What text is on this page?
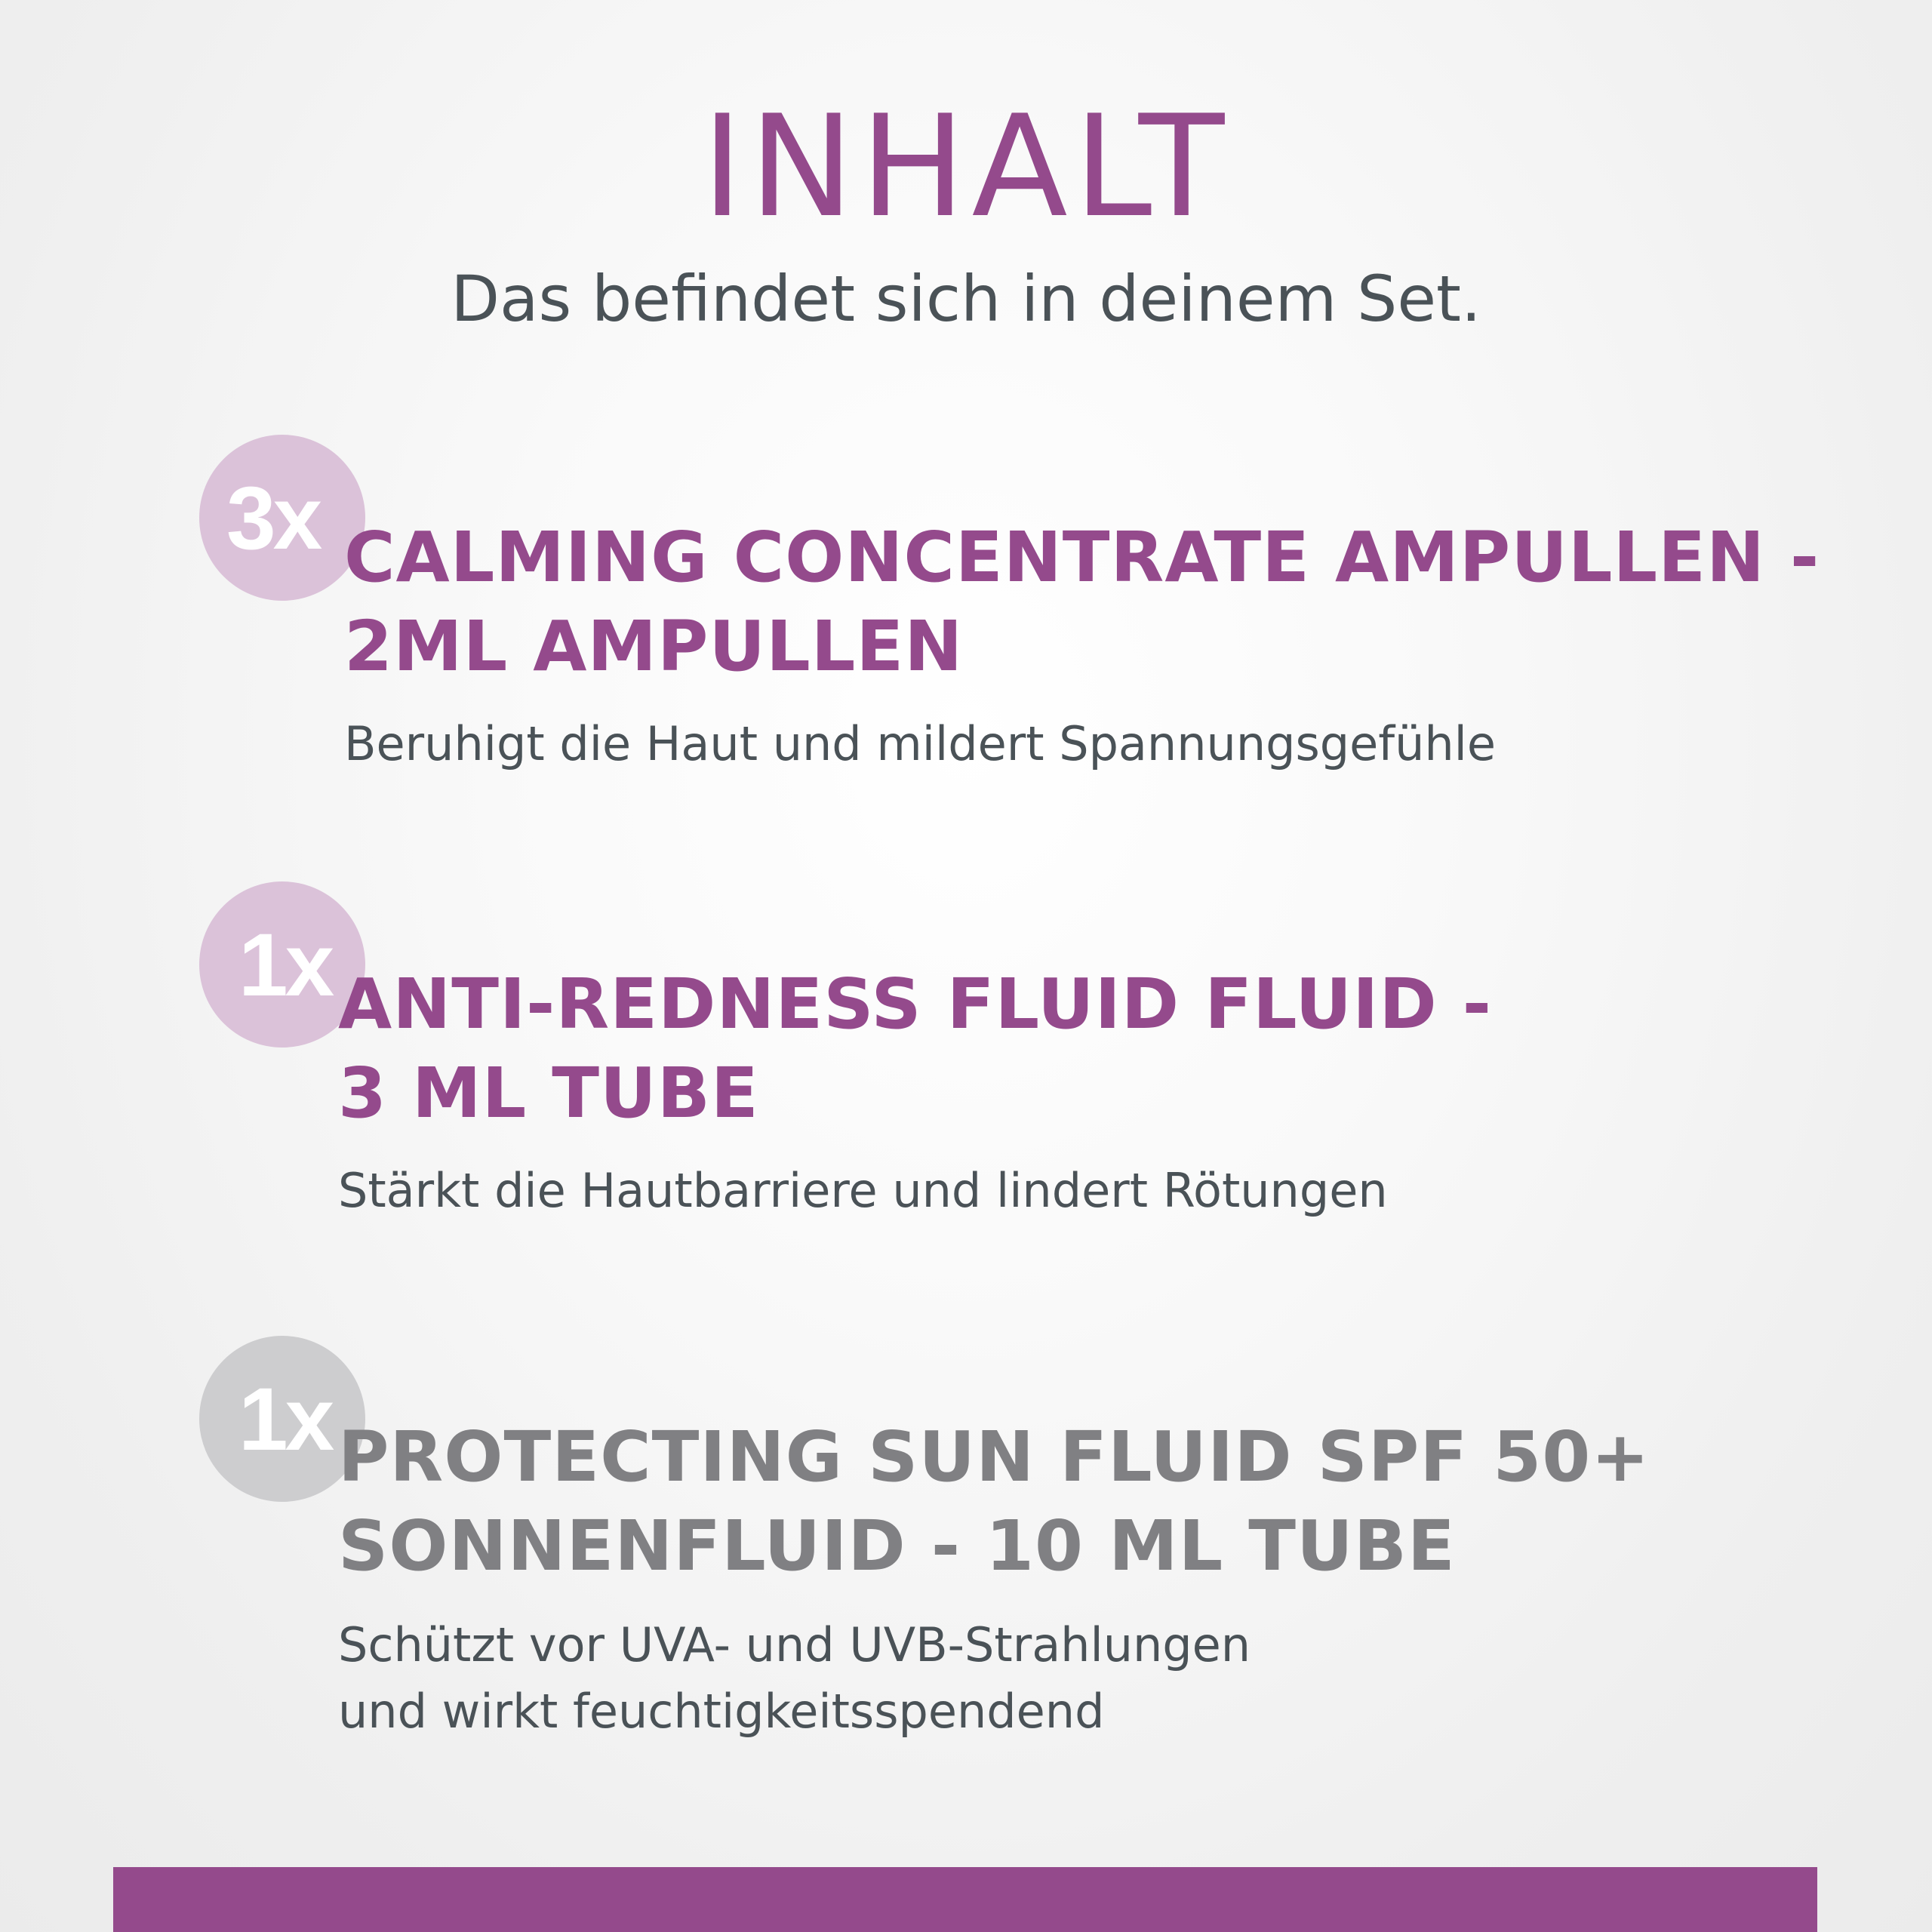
INHALT

Das befindet sich in deinem Set.

3x CALMING CONCENTRATE AMPULLEN -
2ML AMPULLEN
Beruhigt die Haut und mildert Spannungsgefühle
1x ANTI-REDNESS FLUID FLUID -
3 ML TUBE
Stärkt die Hautbarriere und lindert Rötungen
1x PROTECTING SUN FLUID SPF 50+
SONNENFLUID - 10 ML TUBE
Schützt vor UVA- und UVB-Strahlungen
und wirkt feuchtigkeitsspendend
